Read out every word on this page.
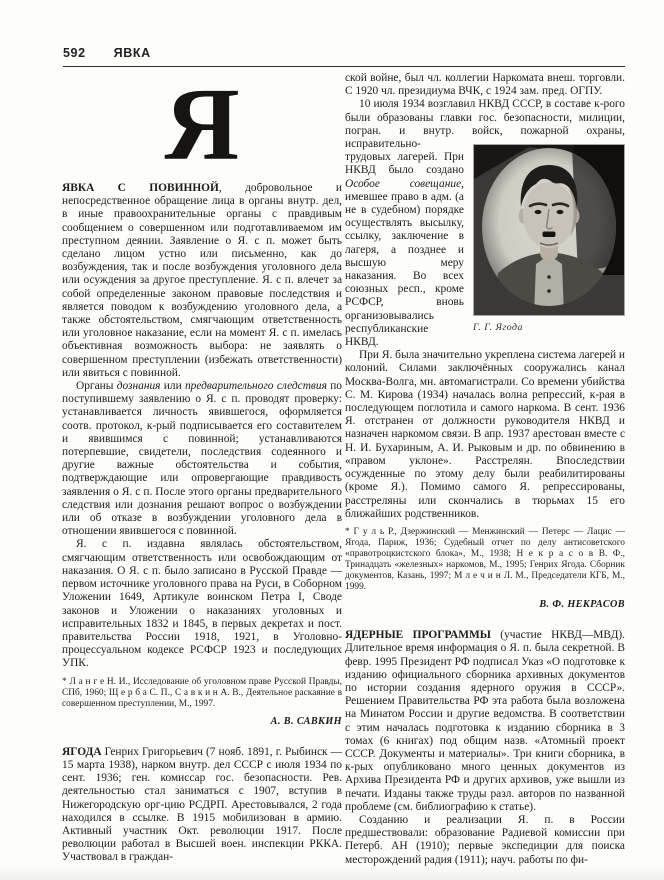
592 ЯВКА
Я

ЯВКА С ПОВИННОЙ, добровольное и непосредственное обращение лица в органы внутр. дел, в иные правоохранительные органы с правдивым сообщением о совершенном или подготавливаемом им преступном деянии. Заявление о Я. с п. может быть сделано лицом устно или письменно, как до возбуждения, так и после возбуждения уголовного дела или осуждения за другое преступление. Я. с п. влечет за собой определенные законом правовые последствия и является поводом к возбуждению уголовного дела, а также обстоятельством, смягчающим ответственность или уголовное наказание, если на момент Я. с п. имелась объективная возможность выбора: не заявлять о совершенном преступлении (избежать ответственности) или явиться с повинной.

Органы дознания или предварительного следствия по поступившему заявлению о Я. с п. проводят проверку: устанавливается личность явившегося, оформляется соотв. протокол, к-рый подписывается его составителем и явившимся с повинной; устанавливаются потерпевшие, свидетели, последствия содеянного и другие важные обстоятельства и события, подтверждающие или опровергающие правдивость заявления о Я. с п. После этого органы предварительного следствия или дознания решают вопрос о возбуждении или об отказе в возбуждении уголовного дела в отношении явившегося с повинной.

Я. с п. издавна являлась обстоятельством, смягчающим ответственность или освобождающим от наказания. О Я. с п. было записано в Русской Правде — первом источнике уголовного права на Руси, в Соборном Уложении 1649, Артикуле воинском Петра I, Своде законов и Уложении о наказаниях уголовных и исправительных 1832 и 1845, в первых декретах и пост. правительства России 1918, 1921, в Уголовно-процессуальном кодексе РСФСР 1923 и последующих УПК.

* Л а н г е Н. И., Исследование об уголовном праве Русской Правды, СПб, 1960; Щ е р б а С. П., С а в к и н А. В., Деятельное раскаяние в совершенном преступлении, М., 1997.

А. В. САВКИН

ЯГОДА Генрих Григорьевич (7 нояб. 1891, г. Рыбинск — 15 марта 1938), нарком внутр. дел СССР с июля 1934 по сент. 1936; ген. комиссар гос. безопасности. Рев. деятельностью стал заниматься с 1907, вступив в Нижегородскую орг-цию РСДРП. Арестовывался, 2 года находился в ссылке. В 1915 мобилизован в армию. Активный участник Окт. революции 1917. После революции работал в Высшей воен. инспекции РККА. Участвовал в граждан-

Г. Г. Ягода

ской войне, был чл. коллегии Наркомата внеш. торговли. С 1920 чл. президиума ВЧК, с 1924 зам. пред. ОГПУ.

10 июля 1934 возглавил НКВД СССР, в составе к-рого были образованы главки гос. безопасности, милиции, погран. и внутр. войск, пожарной охраны, исправительно-трудовых лагерей. При НКВД было создано Особое совещание, имевшее право в адм. (а не в судебном) порядке осуществлять высылку, ссылку, заключение в лагеря, а позднее и высшую меру наказания. Во всех союзных респ., кроме РСФСР, вновь организовывались республиканские НКВД.

При Я. была значительно укреплена система лагерей и колоний. Силами заключённых сооружались канал Москва-Волга, мн. автомагистрали. Со времени убийства С. М. Кирова (1934) началась волна репрессий, к-рая в последующем поглотила и самого наркома. В сент. 1936 Я. отстранен от должности руководителя НКВД и назначен наркомом связи. В апр. 1937 арестован вместе с Н. И. Бухариным, А. И. Рыковым и др. по обвинению в «правом уклоне». Расстрелян. Впоследствии осужденные по этому делу были реабилитированы (кроме Я.). Помимо самого Я. репрессированы, расстреляны или скончались в тюрьмах 15 его ближайших родственников.

* Г у л ь Р., Дзержинский — Менжинский — Петерс — Лацис — Ягода, Париж, 1936; Судебный отчет по делу антисоветского «правотроцкистского блока», М., 1938; Н е к р а с о в В. Ф., Тринадцать «железных» наркомов, М., 1995; Генрих Ягода. Сборник документов, Казань, 1997; М л е ч и н Л. М., Председатели КГБ, М., 1999.

В. Ф. НЕКРАСОВ

ЯДЕРНЫЕ ПРОГРАММЫ (участие НКВД—МВД). Длительное время информация о Я. п. была секретной. В февр. 1995 Президент РФ подписал Указ «О подготовке к изданию официального сборника архивных документов по истории создания ядерного оружия в СССР». Решением Правительства РФ эта работа была возложена на Минатом России и другие ведомства. В соответствии с этим началась подготовка к изданию сборника в 3 томах (6 книгах) под общим назв. «Атомный проект СССР. Документы и материалы». Три книги сборника, в к-рых опубликовано много ценных документов из Архива Президента РФ и других архивов, уже вышли из печати. Изданы также труды разл. авторов по названной проблеме (см. библиографию к статье).

Созданию и реализации Я. п. в России предшествовали: образование Радиевой комиссии при Петерб. АН (1910); первые экспедиции для поиска месторождений радия (1911); науч. работы по фи-
